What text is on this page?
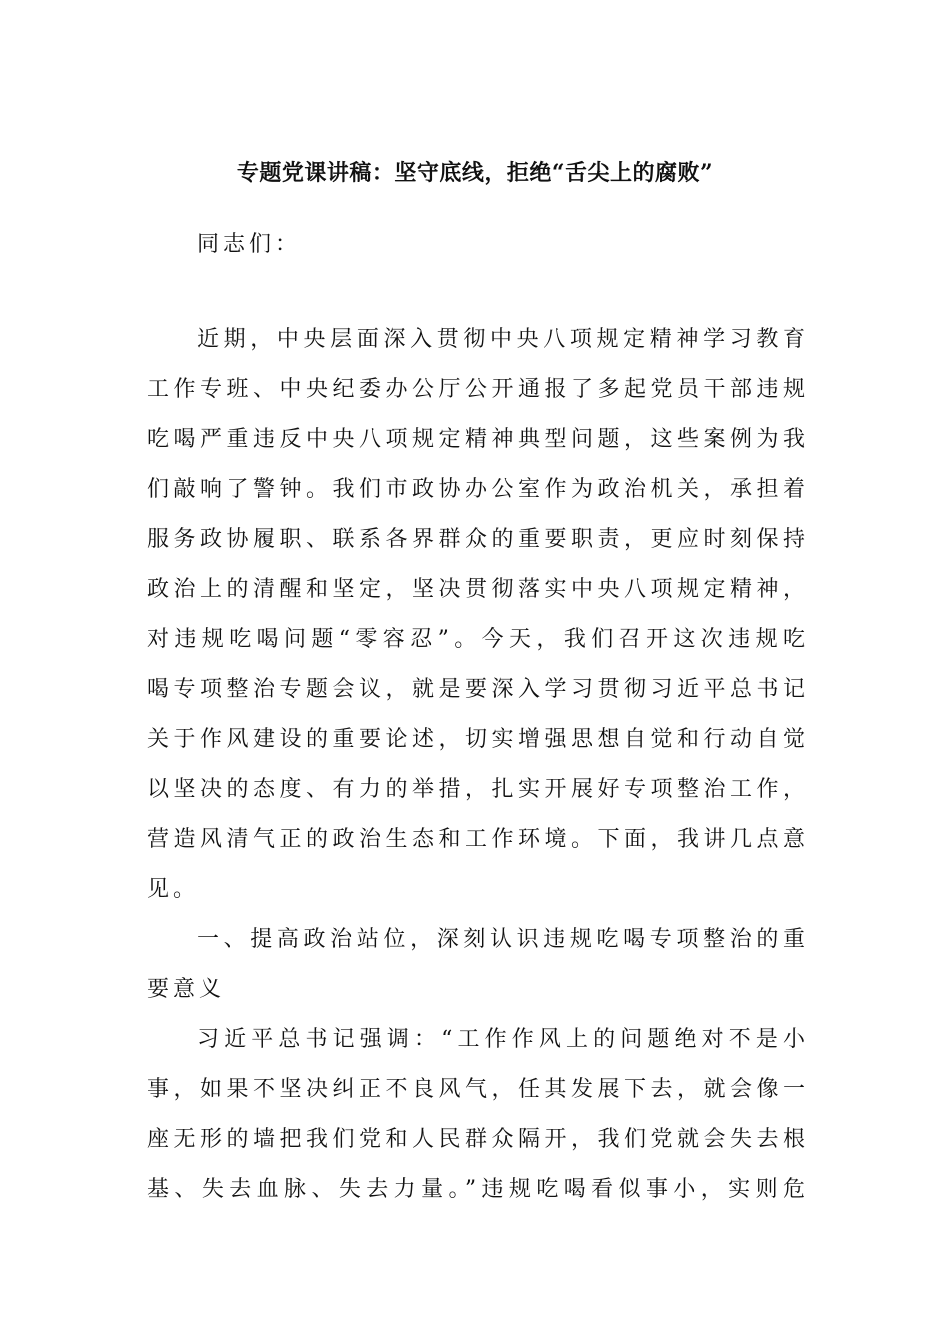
专题党课讲稿：坚守底线，拒绝“舌尖上的腐败”
同志们：
近期，中央层面深入贯彻中央八项规定精神学习教育
工作专班、中央纪委办公厅公开通报了多起党员干部违规
吃喝严重违反中央八项规定精神典型问题，这些案例为我
们敲响了警钟。我们市政协办公室作为政治机关，承担着
服务政协履职、联系各界群众的重要职责，更应时刻保持
政治上的清醒和坚定，坚决贯彻落实中央八项规定精神，
对违规吃喝问题“零容忍”。今天，我们召开这次违规吃
喝专项整治专题会议，就是要深入学习贯彻习近平总书记
关于作风建设的重要论述，切实增强思想自觉和行动自觉
以坚决的态度、有力的举措，扎实开展好专项整治工作，
营造风清气正的政治生态和工作环境。下面，我讲几点意
见。
一、提高政治站位，深刻认识违规吃喝专项整治的重
要意义
习近平总书记强调：“工作作风上的问题绝对不是小
事，如果不坚决纠正不良风气，任其发展下去，就会像一
座无形的墙把我们党和人民群众隔开，我们党就会失去根
基、失去血脉、失去力量。”违规吃喝看似事小，实则危
